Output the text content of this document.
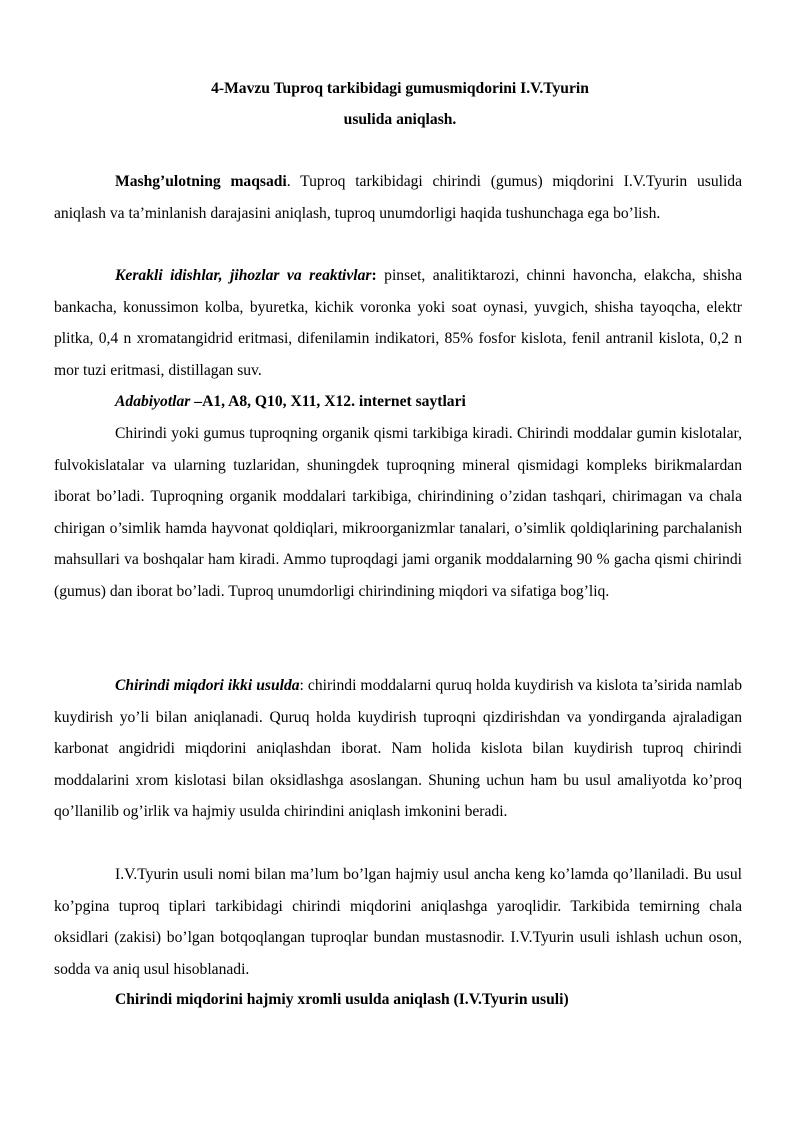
4-Mavzu Tuproq tarkibidagi gumusmiqdorini I.V.Tyurin
usulida aniqlash.

Mashg’ulotning maqsadi. Tuproq tarkibidagi chirindi (gumus) miqdorini I.V.Tyurin usulida aniqlash va ta’minlanish darajasini aniqlash, tuproq unumdorligi haqida tushunchaga ega bo’lish.

Kerakli idishlar, jihozlar va reaktivlar: pinset, analitiktarozi, chinni havoncha, elakcha, shisha bankacha, konussimon kolba, byuretka, kichik voronka yoki soat oynasi, yuvgich, shisha tayoqcha, elektr plitka, 0,4 n xromatangidrid eritmasi, difenilamin indikatori, 85% fosfor kislota, fenil antranil kislota, 0,2 n mor tuzi eritmasi, distillagan suv.

Adabiyotlar –A1, A8, Q10, X11, X12. internet saytlari

Chirindi yoki gumus tuproqning organik qismi tarkibiga kiradi. Chirindi moddalar gumin kislotalar, fulvokislatalar va ularning tuzlaridan, shuningdek tuproqning mineral qismidagi kompleks birikmalardan iborat bo’ladi. Tuproqning organik moddalari tarkibiga, chirindining o’zidan tashqari, chirimagan va chala chirigan o’simlik hamda hayvonat qoldiqlari, mikroorganizmlar tanalari, o’simlik qoldiqlarining parchalanish mahsullari va boshqalar ham kiradi. Ammo tuproqdagi jami organik moddalarning 90 % gacha qismi chirindi (gumus) dan iborat bo’ladi. Tuproq unumdorligi chirindining miqdori va sifatiga bog’liq.

Chirindi miqdori ikki usulda: chirindi moddalarni quruq holda kuydirish va kislota ta’sirida namlab kuydirish yo’li bilan aniqlanadi. Quruq holda kuydirish tuproqni qizdirishdan va yondirganda ajraladigan karbonat angidridi miqdorini aniqlashdan iborat. Nam holida kislota bilan kuydirish tuproq chirindi moddalarini xrom kislotasi bilan oksidlashga asoslangan. Shuning uchun ham bu usul amaliyotda ko’proq qo’llanilib og’irlik va hajmiy usulda chirindini aniqlash imkonini beradi.

I.V.Tyurin usuli nomi bilan ma’lum bo’lgan hajmiy usul ancha keng ko’lamda qo’llaniladi. Bu usul ko’pgina tuproq tiplari tarkibidagi chirindi miqdorini aniqlashga yaroqlidir. Tarkibida temirning chala oksidlari (zakisi) bo’lgan botqoqlangan tuproqlar bundan mustasnodir. I.V.Tyurin usuli ishlash uchun oson, sodda va aniq usul hisoblanadi.

Chirindi miqdorini hajmiy xromli usulda aniqlash (I.V.Tyurin usuli)
